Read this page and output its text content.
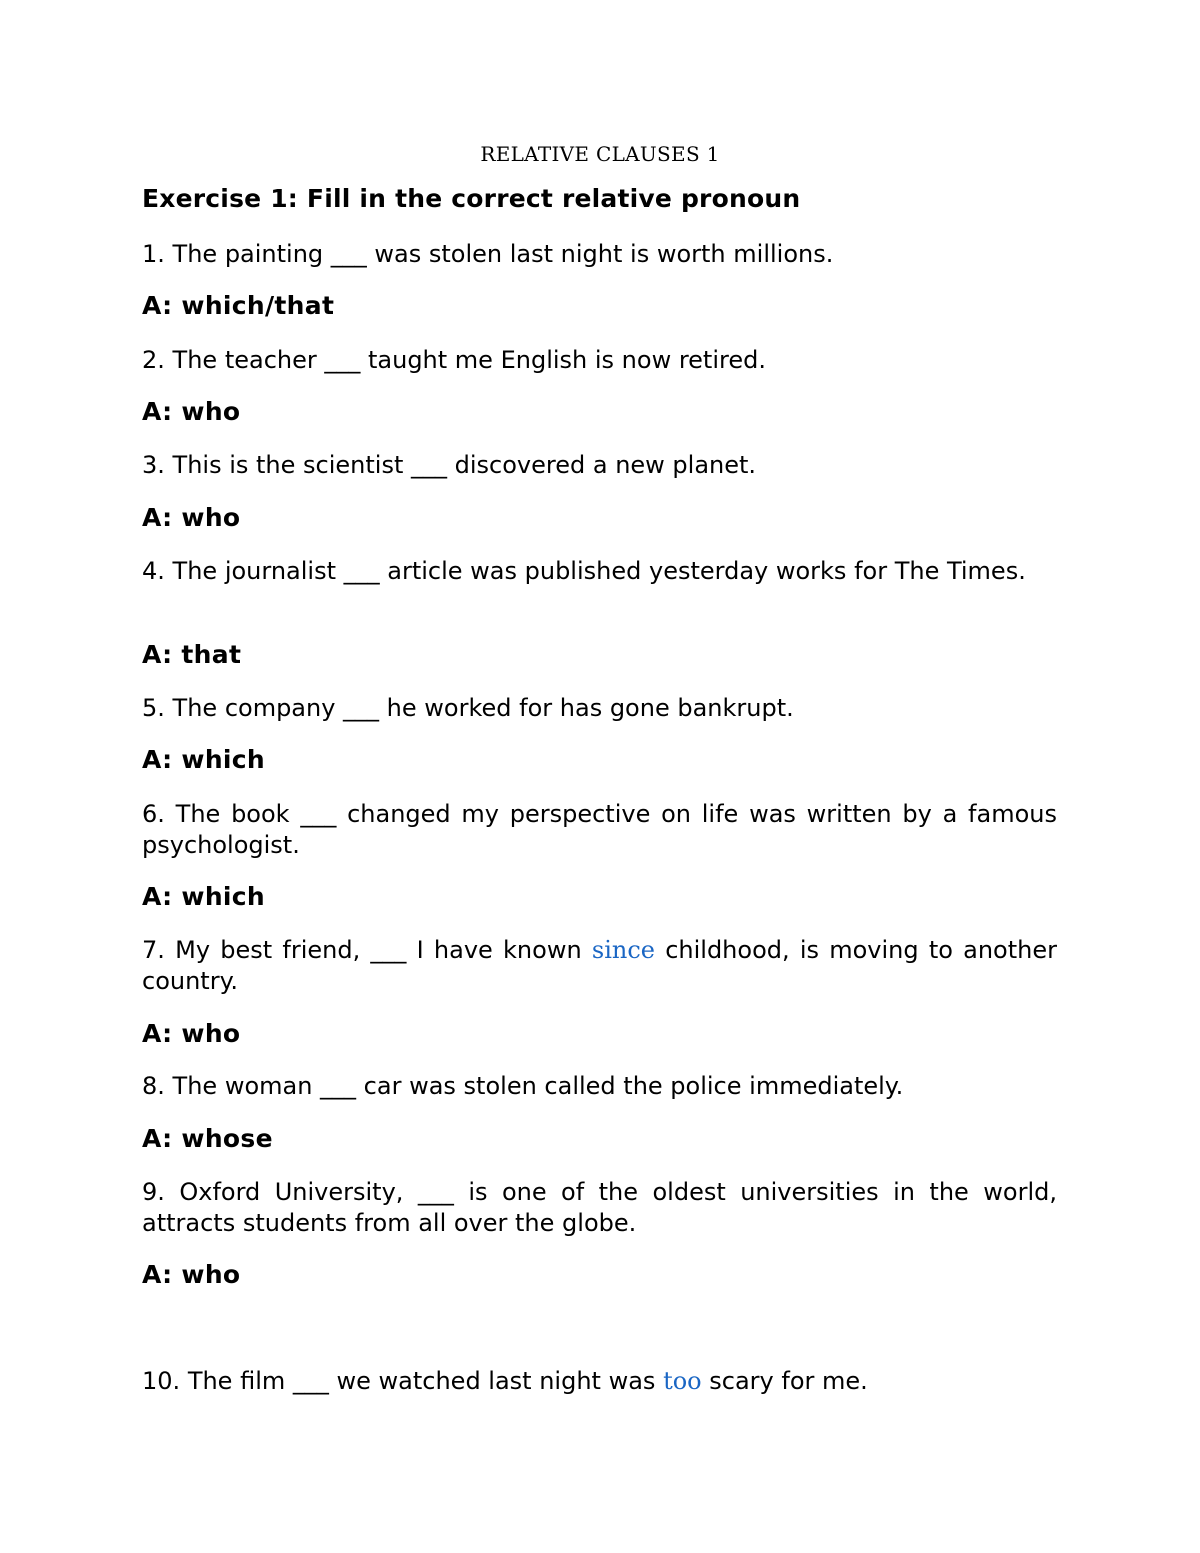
RELATIVE CLAUSES 1
Exercise 1: Fill in the correct relative pronoun
1. The painting ___ was stolen last night is worth millions.
A: which/that
2. The teacher ___ taught me English is now retired.
A: who
3. This is the scientist ___ discovered a new planet.
A: who
4. The journalist ___ article was published yesterday works for The Times.
A: that
5. The company ___ he worked for has gone bankrupt.
A: which
6. The book ___ changed my perspective on life was written by a famous psychologist.
A: which
7. My best friend, ___ I have known since childhood, is moving to another country.
A: who
8. The woman ___ car was stolen called the police immediately.
A: whose
9. Oxford University, ___ is one of the oldest universities in the world, attracts students from all over the globe.
A: who
10. The film ___ we watched last night was too scary for me.
